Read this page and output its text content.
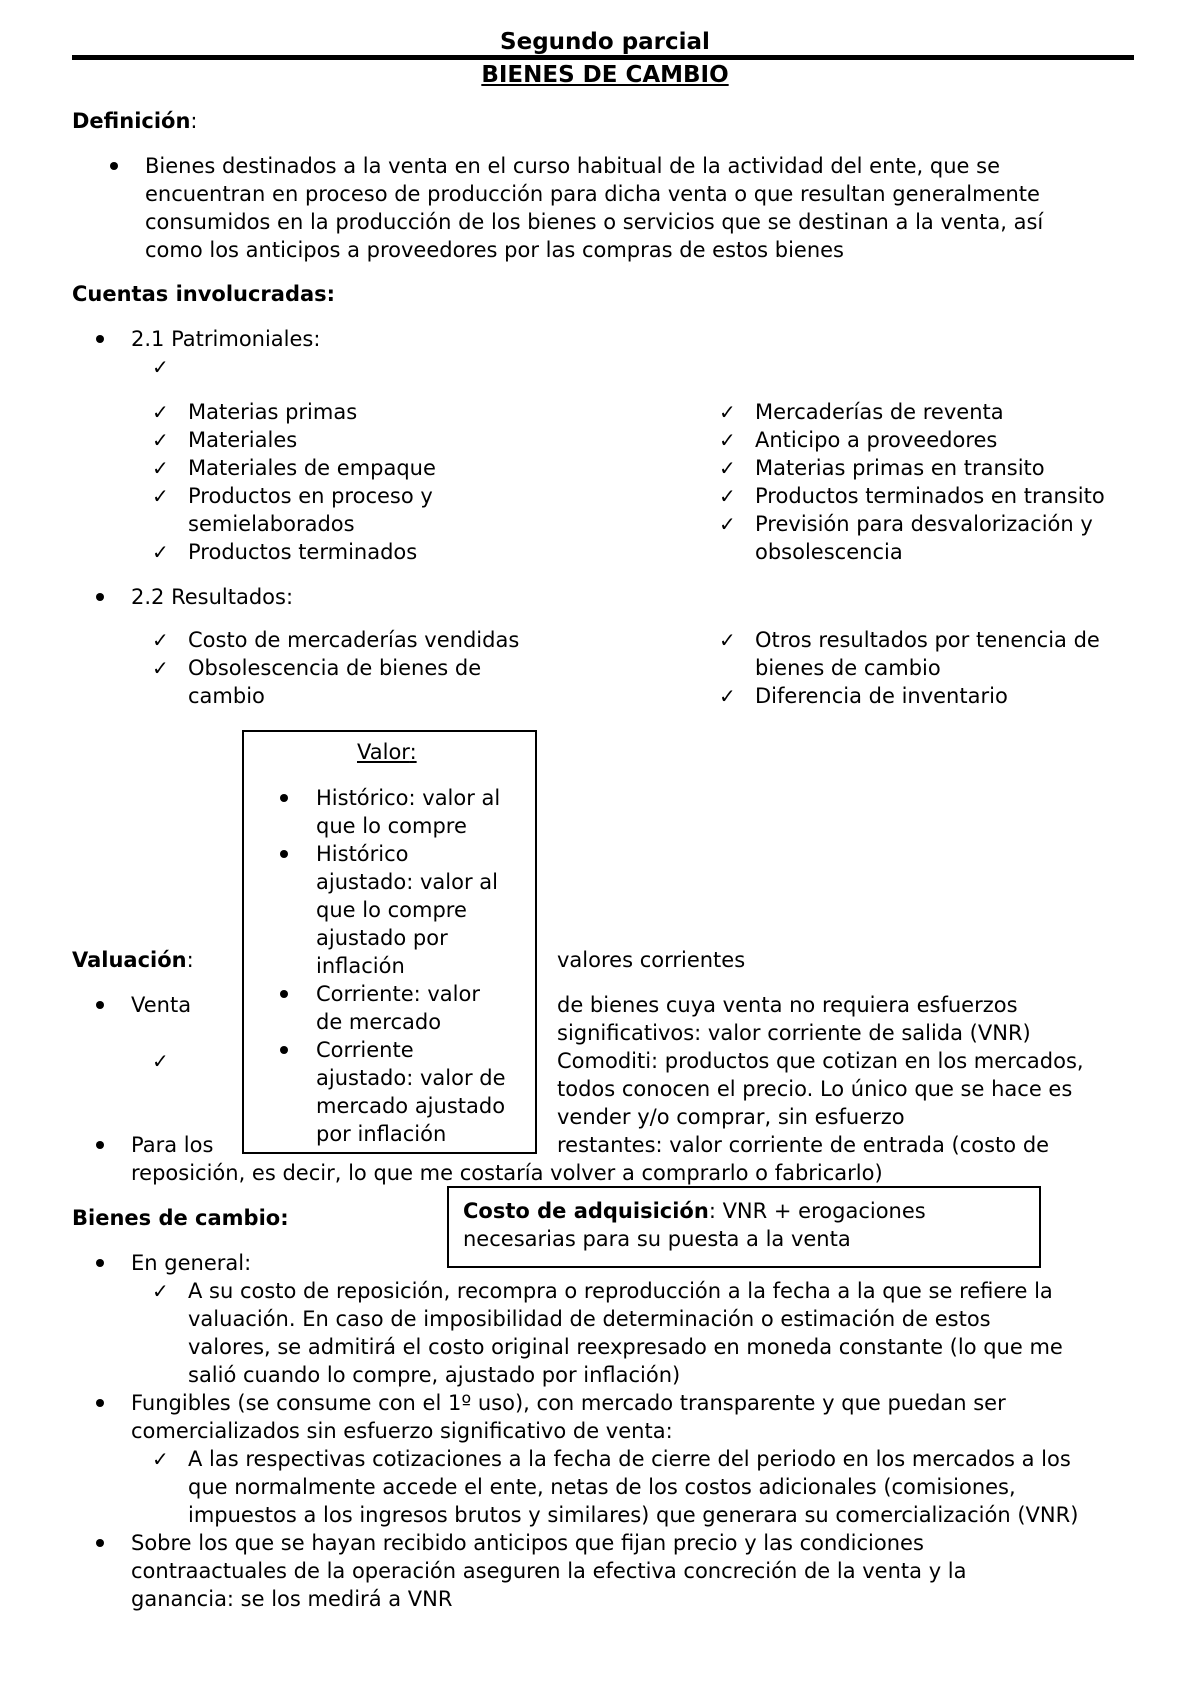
Segundo parcial
BIENES DE CAMBIO
Definición:
Bienes destinados a la venta en el curso habitual de la actividad del ente, que se
encuentran en proceso de producción para dicha venta o que resultan generalmente
consumidos en la producción de los bienes o servicios que se destinan a la venta, así
como los anticipos a proveedores por las compras de estos bienes
Cuentas involucradas:
2.1 Patrimoniales:
✓
✓ Materias primas
✓ Materiales
✓ Materiales de empaque
✓ Productos en proceso y
semielaborados
✓ Productos terminados
✓ Mercaderías de reventa
✓ Anticipo a proveedores
✓ Materias primas en transito
✓ Productos terminados en transito
✓ Previsión para desvalorización y
obsolescencia
2.2 Resultados:
✓ Costo de mercaderías vendidas
✓ Obsolescencia de bienes de
cambio
✓ Otros resultados por tenencia de
bienes de cambio
✓ Diferencia de inventario
Valuación:	valores corrientes
Venta	de bienes cuya venta no requiera esfuerzos
significativos: valor corriente de salida (VNR)
✓	Comoditi: productos que cotizan en los mercados,
todos conocen el precio. Lo único que se hace es
vender y/o comprar, sin esfuerzo
Para los	restantes: valor corriente de entrada (costo de
reposición, es decir, lo que me costaría volver a comprarlo o fabricarlo)
Valor:
Histórico: valor al
que lo compre
Histórico
ajustado: valor al
que lo compre
ajustado por
inflación
Corriente: valor
de mercado
Corriente
ajustado: valor de
mercado ajustado
por inflación
Bienes de cambio:	Costo de adquisición: VNR + erogaciones
necesarias para su puesta a la venta
En general:
✓ A su costo de reposición, recompra o reproducción a la fecha a la que se refiere la
valuación. En caso de imposibilidad de determinación o estimación de estos
valores, se admitirá el costo original reexpresado en moneda constante (lo que me
salió cuando lo compre, ajustado por inflación)
Fungibles (se consume con el 1º uso), con mercado transparente y que puedan ser
comercializados sin esfuerzo significativo de venta:
✓ A las respectivas cotizaciones a la fecha de cierre del periodo en los mercados a los
que normalmente accede el ente, netas de los costos adicionales (comisiones,
impuestos a los ingresos brutos y similares) que generara su comercialización (VNR)
Sobre los que se hayan recibido anticipos que fijan precio y las condiciones
contraactuales de la operación aseguren la efectiva concreción de la venta y la
ganancia: se los medirá a VNR
